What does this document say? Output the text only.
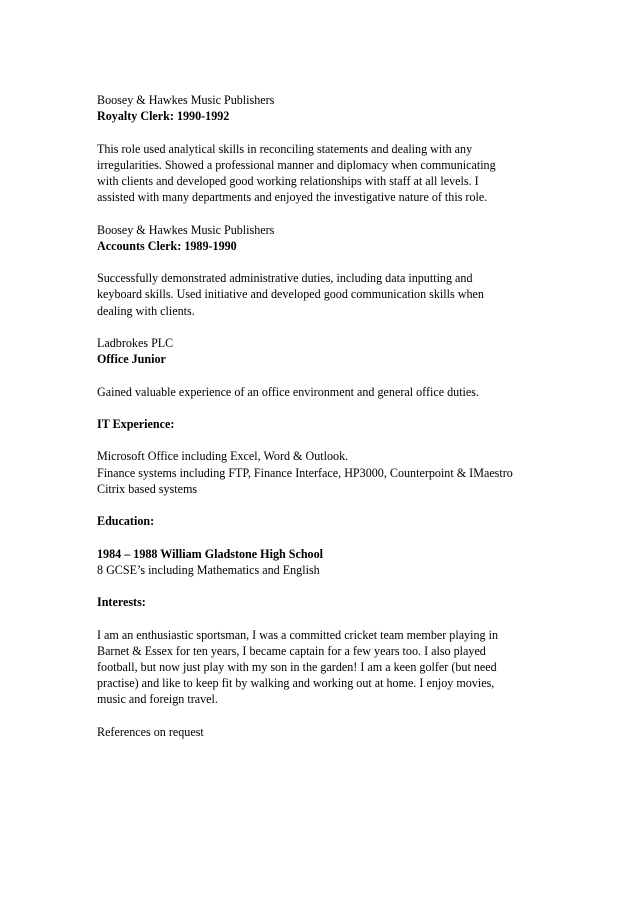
Boosey & Hawkes Music Publishers

Royalty Clerk: 1990-1992

This role used analytical skills in reconciling statements and dealing with any
irregularities. Showed a professional manner and diplomacy when communicating
with clients and developed good working relationships with staff at all levels. I
assisted with many departments and enjoyed the investigative nature of this role.

Boosey & Hawkes Music Publishers

Accounts Clerk: 1989-1990

Successfully demonstrated administrative duties, including data inputting and
keyboard skills. Used initiative and developed good communication skills when
dealing with clients.

Ladbrokes PLC

Office Junior

Gained valuable experience of an office environment and general office duties.

IT Experience:

Microsoft Office including Excel, Word & Outlook.
Finance systems including FTP, Finance Interface, HP3000, Counterpoint & IMaestro
Citrix based systems

Education:

1984 – 1988 William Gladstone High School

8 GCSE’s including Mathematics and English

Interests:

I am an enthusiastic sportsman, I was a committed cricket team member playing in
Barnet & Essex for ten years, I became captain for a few years too. I also played
football, but now just play with my son in the garden! I am a keen golfer (but need
practise) and like to keep fit by walking and working out at home. I enjoy movies,
music and foreign travel.

References on request
